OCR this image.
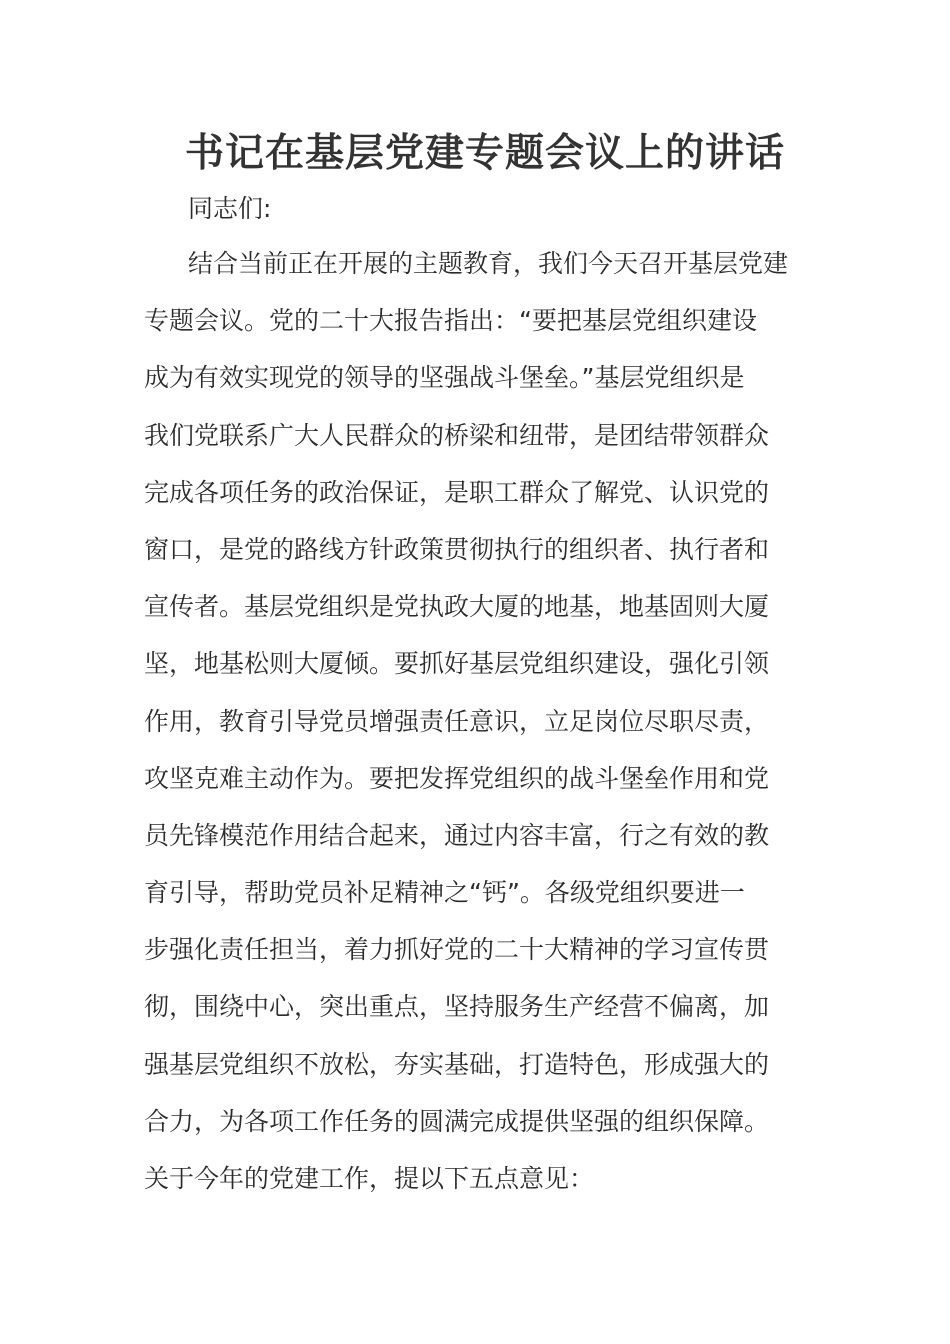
书记在基层党建专题会议上的讲话

同志们:

结合当前正在开展的主题教育，我们今天召开基层党建
专题会议。党的二十大报告指出：“要把基层党组织建设
成为有效实现党的领导的坚强战斗堡垒。”基层党组织是
我们党联系广大人民群众的桥梁和纽带，是团结带领群众
完成各项任务的政治保证，是职工群众了解党、认识党的
窗口，是党的路线方针政策贯彻执行的组织者、执行者和
宣传者。基层党组织是党执政大厦的地基，地基固则大厦
坚，地基松则大厦倾。要抓好基层党组织建设，强化引领
作用，教育引导党员增强责任意识，立足岗位尽职尽责，
攻坚克难主动作为。要把发挥党组织的战斗堡垒作用和党
员先锋模范作用结合起来，通过内容丰富，行之有效的教
育引导，帮助党员补足精神之“钙”。各级党组织要进一
步强化责任担当，着力抓好党的二十大精神的学习宣传贯
彻，围绕中心，突出重点，坚持服务生产经营不偏离，加
强基层党组织不放松，夯实基础，打造特色，形成强大的
合力，为各项工作任务的圆满完成提供坚强的组织保障。
关于今年的党建工作，提以下五点意见：
